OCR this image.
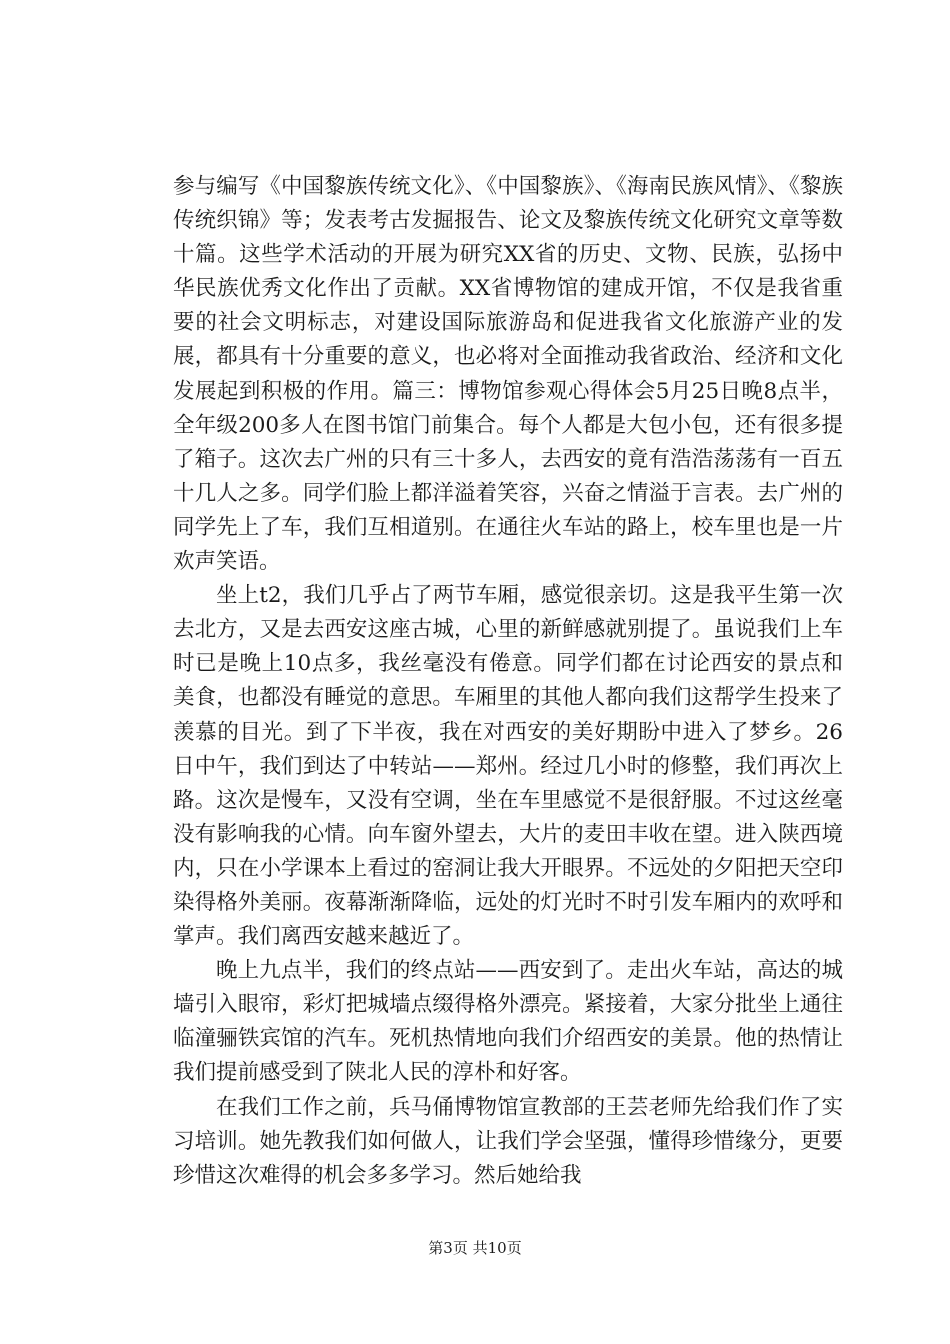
参与编写《中国黎族传统文化》、《中国黎族》、《海南民族风情》、《黎族传统织锦》等；发表考古发掘报告、论文及黎族传统文化研究文章等数十篇。这些学术活动的开展为研究XX省的历史、文物、民族，弘扬中华民族优秀文化作出了贡献。XX省博物馆的建成开馆，不仅是我省重要的社会文明标志，对建设国际旅游岛和促进我省文化旅游产业的发展，都具有十分重要的意义，也必将对全面推动我省政治、经济和文化发展起到积极的作用。篇三：博物馆参观心得体会5月25日晚8点半，全年级200多人在图书馆门前集合。每个人都是大包小包，还有很多提了箱子。这次去广州的只有三十多人，去西安的竟有浩浩荡荡有一百五十几人之多。同学们脸上都洋溢着笑容，兴奋之情溢于言表。去广州的同学先上了车，我们互相道别。在通往火车站的路上，校车里也是一片欢声笑语。

坐上t2，我们几乎占了两节车厢，感觉很亲切。这是我平生第一次去北方，又是去西安这座古城，心里的新鲜感就别提了。虽说我们上车时已是晚上10点多，我丝毫没有倦意。同学们都在讨论西安的景点和美食，也都没有睡觉的意思。车厢里的其他人都向我们这帮学生投来了羡慕的目光。到了下半夜，我在对西安的美好期盼中进入了梦乡。26日中午，我们到达了中转站——郑州。经过几小时的修整，我们再次上路。这次是慢车，又没有空调，坐在车里感觉不是很舒服。不过这丝毫没有影响我的心情。向车窗外望去，大片的麦田丰收在望。进入陕西境内，只在小学课本上看过的窑洞让我大开眼界。不远处的夕阳把天空印染得格外美丽。夜幕渐渐降临，远处的灯光时不时引发车厢内的欢呼和掌声。我们离西安越来越近了。

晚上九点半，我们的终点站——西安到了。走出火车站，高达的城墙引入眼帘，彩灯把城墙点缀得格外漂亮。紧接着，大家分批坐上通往临潼骊铁宾馆的汽车。死机热情地向我们介绍西安的美景。他的热情让我们提前感受到了陕北人民的淳朴和好客。

在我们工作之前，兵马俑博物馆宣教部的王芸老师先给我们作了实习培训。她先教我们如何做人，让我们学会坚强，懂得珍惜缘分，更要珍惜这次难得的机会多多学习。然后她给我

第3页 共10页
